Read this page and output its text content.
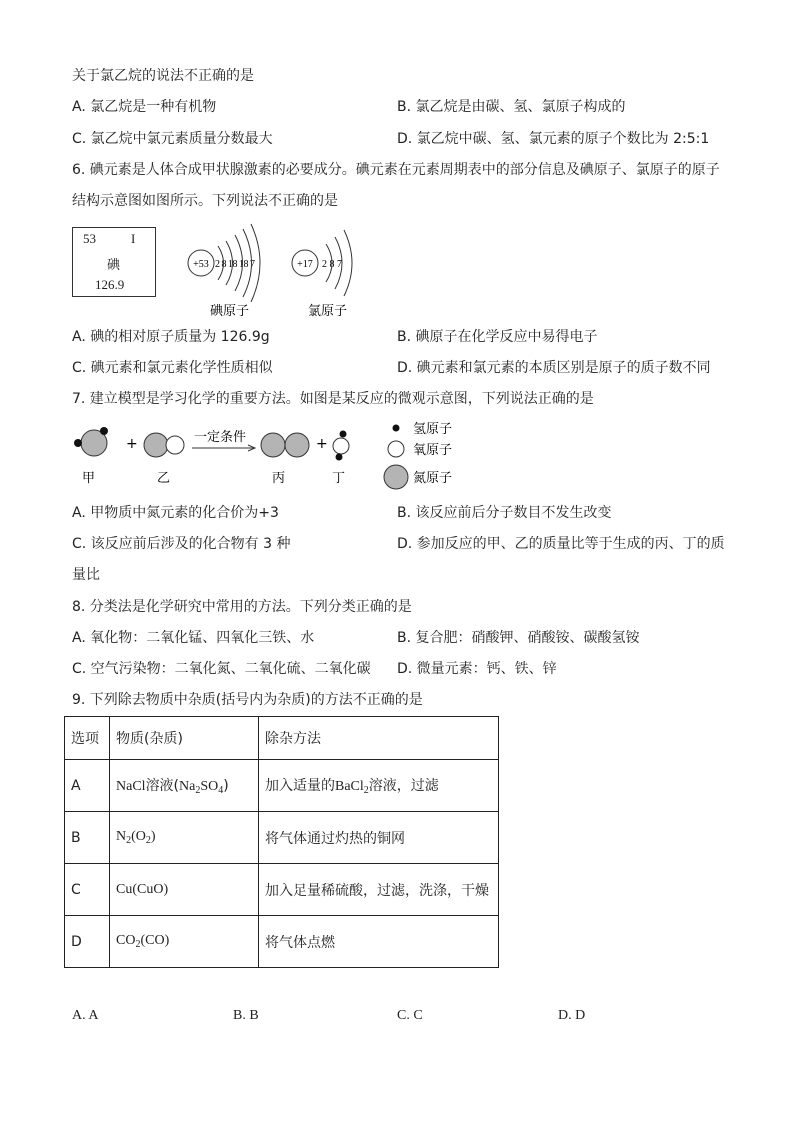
关于氯乙烷的说法不正确的是
A. 氯乙烷是一种有机物	B. 氯乙烷是由碳、氢、氯原子构成的
C. 氯乙烷中氯元素质量分数最大	D. 氯乙烷中碳、氢、氯元素的原子个数比为 2:5:1
6. 碘元素是人体合成甲状腺激素的必要成分。碘元素在元素周期表中的部分信息及碘原子、氯原子的原子
结构示意图如图所示。下列说法不正确的是
53	I
碘
126.9
+53 2 8 18 18 7
碘原子
+17 2 8 7
氯原子
A. 碘的相对原子质量为 126.9g	B. 碘原子在化学反应中易得电子
C. 碘元素和氯元素化学性质相似	D. 碘元素和氯元素的本质区别是原子的质子数不同
7. 建立模型是学习化学的重要方法。如图是某反应的微观示意图，下列说法正确的是
+	一定条件	+
甲	乙	丙	丁
氢原子
氧原子
氮原子
A. 甲物质中氮元素的化合价为+3	B. 该反应前后分子数目不发生改变
C. 该反应前后涉及的化合物有 3 种	D. 参加反应的甲、乙的质量比等于生成的丙、丁的质
量比
8. 分类法是化学研究中常用的方法。下列分类正确的是
A. 氧化物：二氧化锰、四氧化三铁、水	B. 复合肥：硝酸钾、硝酸铵、碳酸氢铵
C. 空气污染物：二氧化氮、二氧化硫、二氧化碳 D. 微量元素：钙、铁、锌
9. 下列除去物质中杂质(括号内为杂质)的方法不正确的是
选项	物质(杂质)	除杂方法
A	NaCl溶液$(Na_2SO_4)$	加入适量的BaCl$_2$溶液，过滤
B	$N_2(O_2)$	将气体通过灼热的铜网
C	Cu(CuO)	加入足量稀硫酸，过滤，洗涤，干燥
D	$CO_2(CO)$	将气体点燃
A. A	B. B	C. C	D. D
